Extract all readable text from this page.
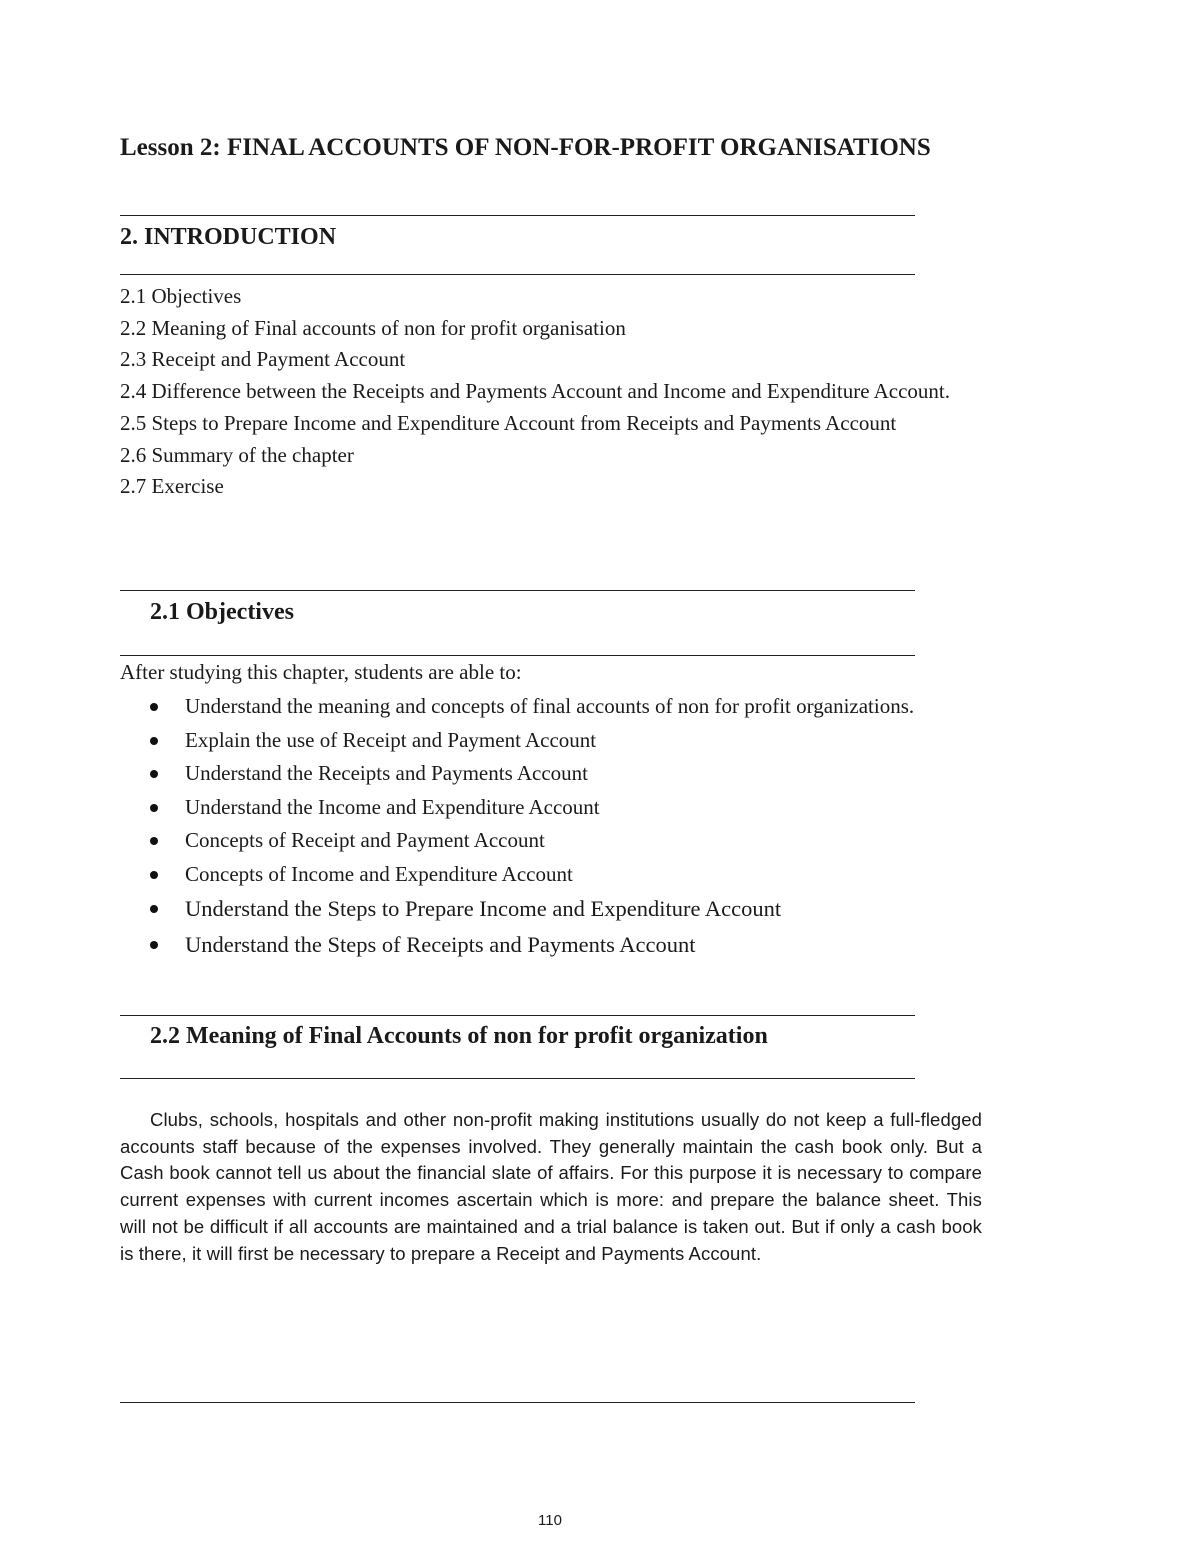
Lesson 2: FINAL ACCOUNTS OF NON-FOR-PROFIT ORGANISATIONS
2. INTRODUCTION
2.1 Objectives
2.2 Meaning of Final accounts of non for profit organisation
2.3 Receipt and Payment Account
2.4 Difference between the Receipts and Payments Account and Income and Expenditure Account.
2.5 Steps to Prepare Income and Expenditure Account from Receipts and Payments Account
2.6 Summary of the chapter
2.7 Exercise
2.1 Objectives
After studying this chapter, students are able to:
Understand the meaning and concepts of final accounts of non for profit organizations.
Explain the use of Receipt and Payment Account
Understand the Receipts and Payments Account
Understand the Income and Expenditure Account
Concepts of Receipt and Payment Account
Concepts of Income and Expenditure Account
Understand the Steps to Prepare Income and Expenditure Account
Understand the Steps of Receipts and Payments Account
2.2 Meaning of Final Accounts of non for profit organization

Clubs, schools, hospitals and other non-profit making institutions usually do not keep a full-fledged accounts staff because of the expenses involved. They generally maintain the cash book only. But a Cash book cannot tell us about the financial slate of affairs. For this purpose it is necessary to compare current expenses with current incomes ascertain which is more: and prepare the balance sheet. This will not be difficult if all accounts are maintained and a trial balance is taken out. But if only a cash book is there, it will first be necessary to prepare a Receipt and Payments Account.

110
